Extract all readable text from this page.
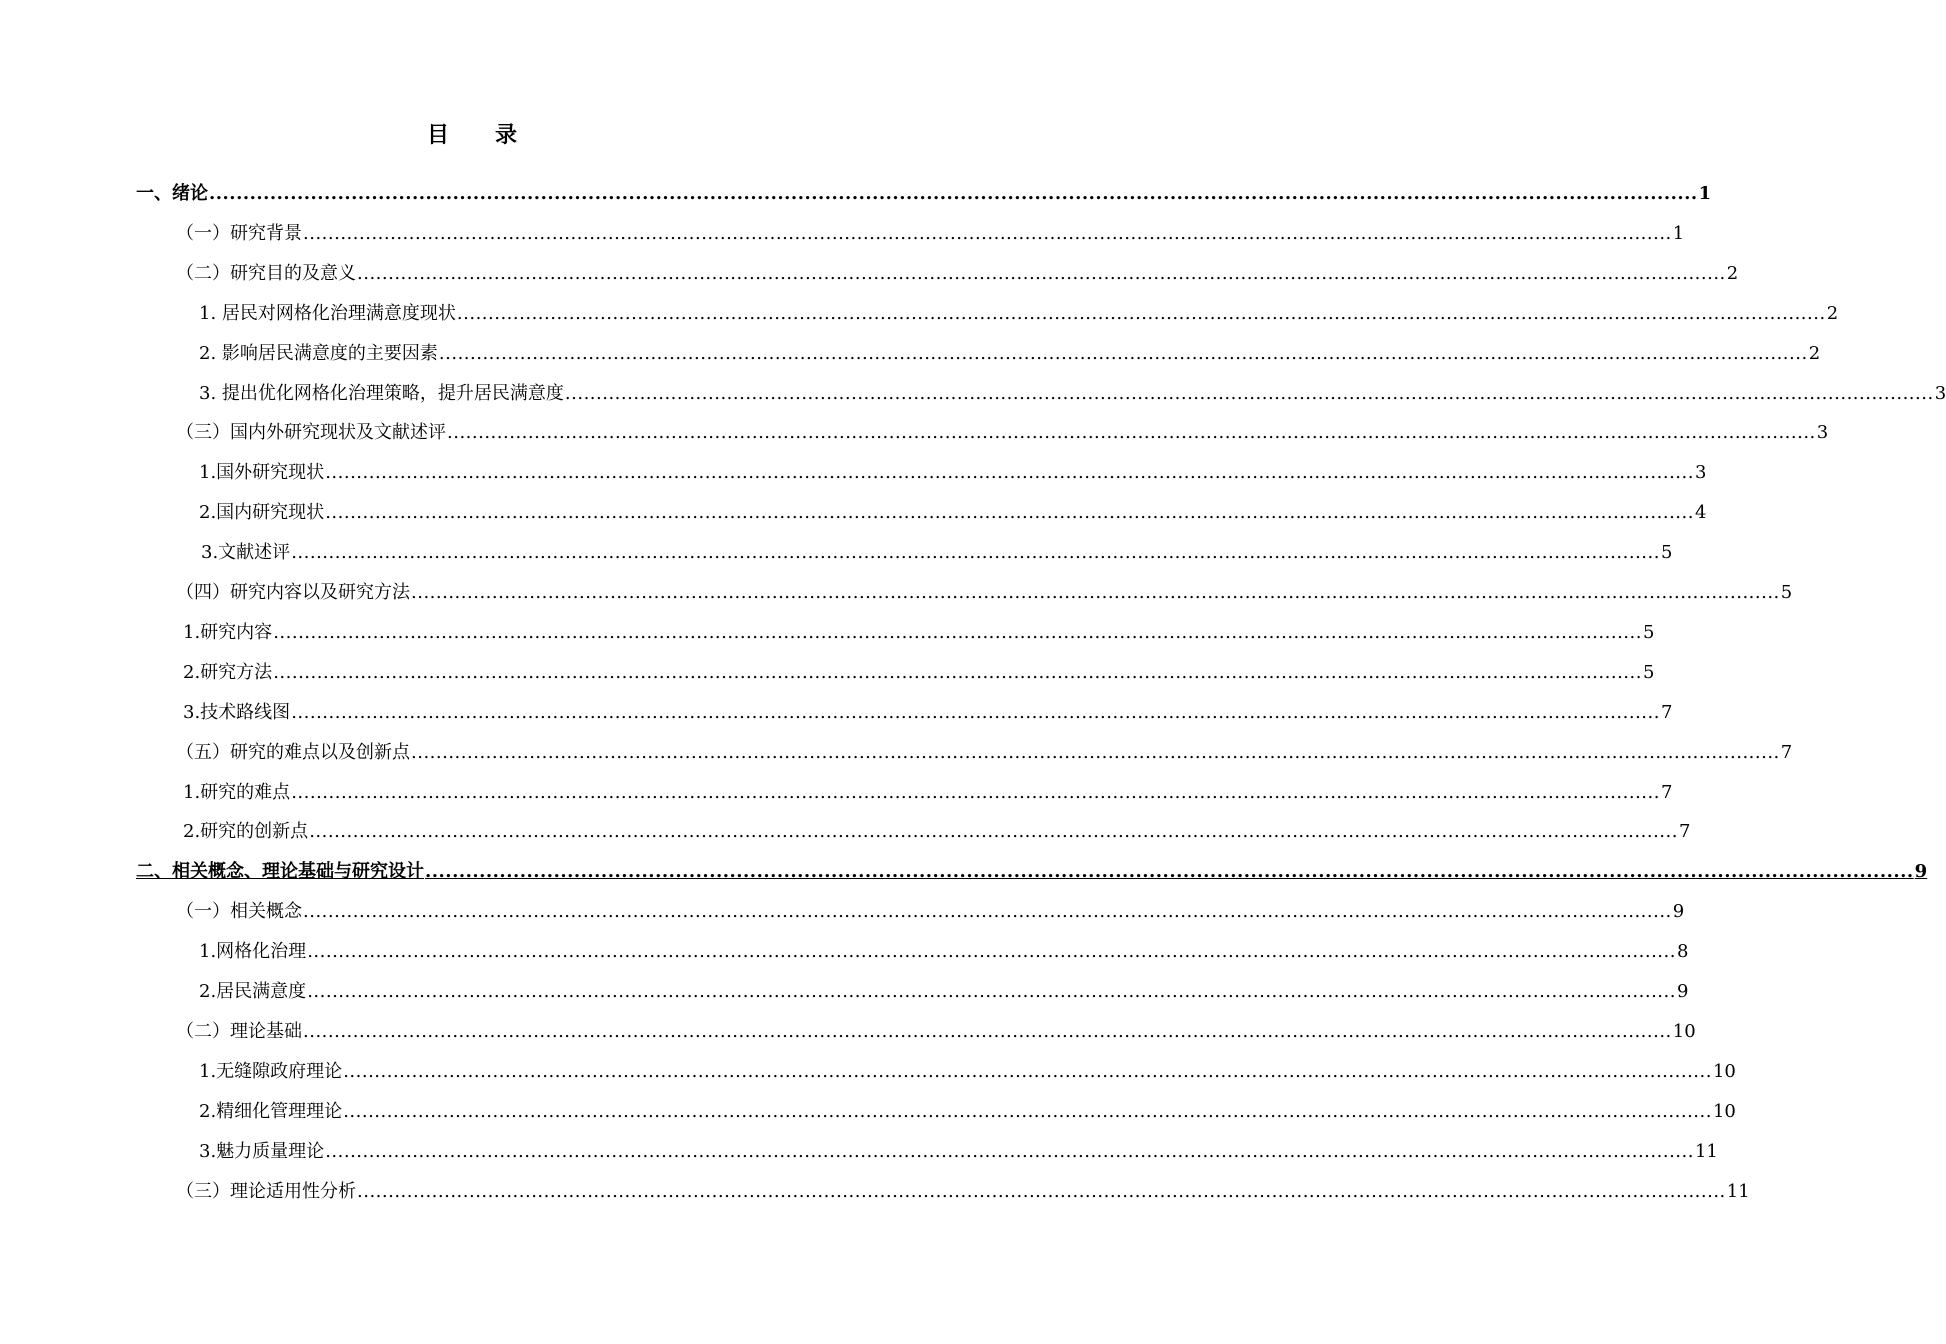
目录
一、绪论 ............................................................................................................................................................................................................................ 1
（一）研究背景 ............................................................................................................................................................................................................................ 1
（二）研究目的及意义 ............................................................................................................................................................................................................................ 2
1. 居民对网格化治理满意度现状 ............................................................................................................................................................................................................................ 2
2. 影响居民满意度的主要因素 ............................................................................................................................................................................................................................ 2
3. 提出优化网格化治理策略，提升居民满意度 ............................................................................................................................................................................................................................ 3
（三）国内外研究现状及文献述评 ............................................................................................................................................................................................................................ 3
1.国外研究现状 ............................................................................................................................................................................................................................ 3
2.国内研究现状 ............................................................................................................................................................................................................................ 4
3.文献述评 ............................................................................................................................................................................................................................ 5
（四）研究内容以及研究方法 ............................................................................................................................................................................................................................ 5
1.研究内容 ............................................................................................................................................................................................................................ 5
2.研究方法 ............................................................................................................................................................................................................................ 5
3.技术路线图 ............................................................................................................................................................................................................................ 7
（五）研究的难点以及创新点 ............................................................................................................................................................................................................................ 7
1.研究的难点 ............................................................................................................................................................................................................................ 7
2.研究的创新点 ............................................................................................................................................................................................................................ 7
二、相关概念、理论基础与研究设计 ............................................................................................................................................................................................................................ 9
（一）相关概念 ............................................................................................................................................................................................................................ 9
1.网格化治理 ............................................................................................................................................................................................................................ 8
2.居民满意度 ............................................................................................................................................................................................................................ 9
（二）理论基础 ............................................................................................................................................................................................................................ 10
1.无缝隙政府理论 ............................................................................................................................................................................................................................ 10
2.精细化管理理论 ............................................................................................................................................................................................................................ 10
3.魅力质量理论 ............................................................................................................................................................................................................................ 11
（三）理论适用性分析 ............................................................................................................................................................................................................................ 11
